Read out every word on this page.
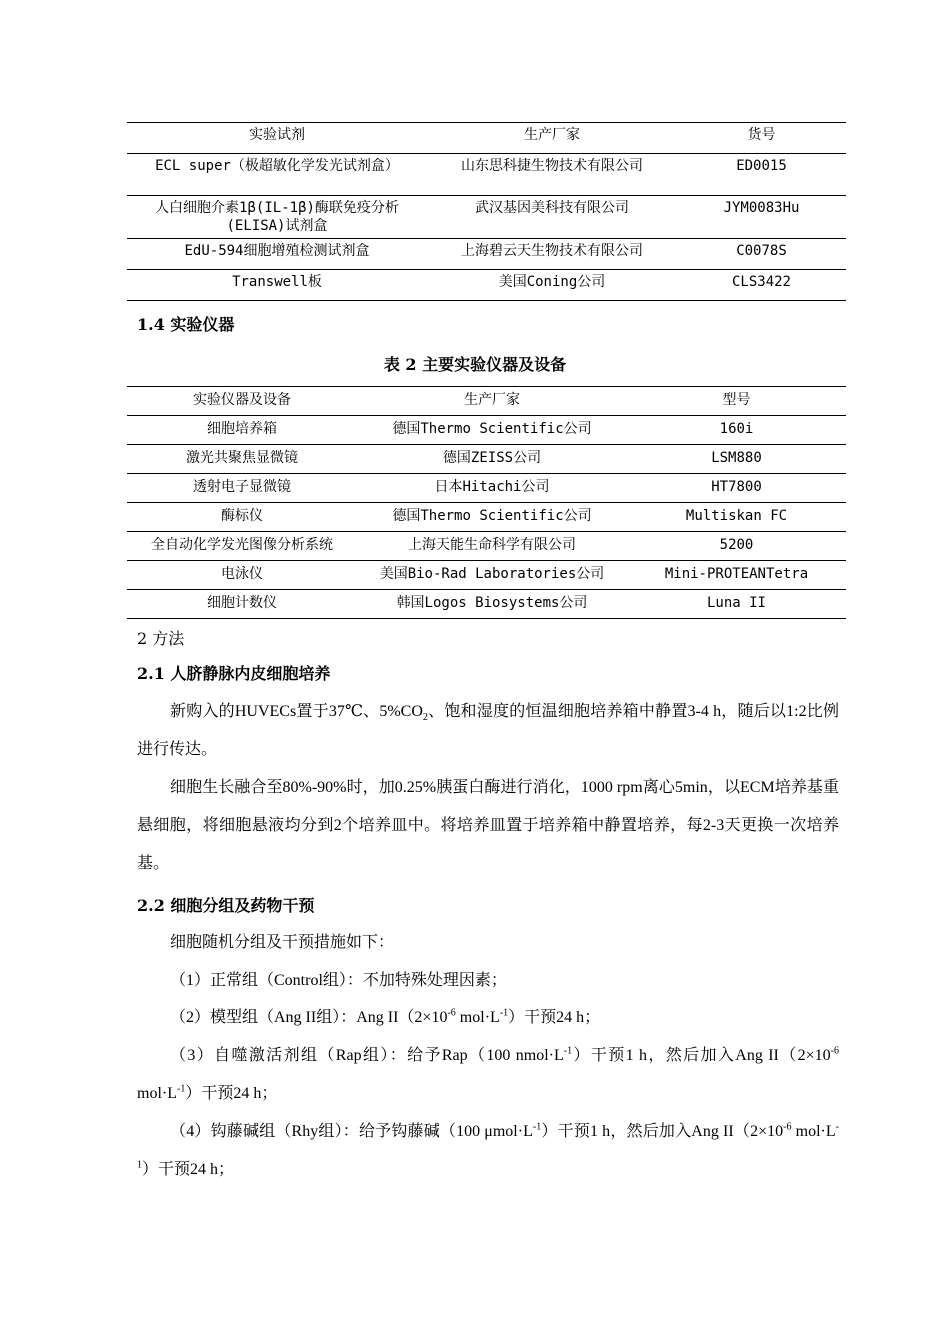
实验试剂	生产厂家	货号
ECL super（极超敏化学发光试剂盒）	山东思科捷生物技术有限公司	ED0015
人白细胞介素1β(IL-1β)酶联免疫分析(ELISA)试剂盒	武汉基因美科技有限公司	JYM0083Hu
EdU-594细胞增殖检测试剂盒	上海碧云天生物技术有限公司	C0078S
Transwell板	美国Coning公司	CLS3422
1.4 实验仪器
表 2 主要实验仪器及设备
实验仪器及设备	生产厂家	型号
细胞培养箱	德国Thermo Scientific公司	160i
激光共聚焦显微镜	德国ZEISS公司	LSM880
透射电子显微镜	日本Hitachi公司	HT7800
酶标仪	德国Thermo Scientific公司	Multiskan FC
全自动化学发光图像分析系统	上海天能生命科学有限公司	5200
电泳仪	美国Bio-Rad Laboratories公司	Mini-PROTEANTetra
细胞计数仪	韩国Logos Biosystems公司	Luna II
2 方法
2.1 人脐静脉内皮细胞培养
新购入的HUVECs置于37℃、$5\%CO_2$、饱和湿度的恒温细胞培养箱中静置3-4 h，随后以1:2比例进行传达。
细胞生长融合至80%-90%时，加0.25%胰蛋白酶进行消化，1000 rpm离心5min，以ECM培养基重悬细胞，将细胞悬液均分到2个培养皿中。将培养皿置于培养箱中静置培养，每2-3天更换一次培养基。
2.2 细胞分组及药物干预
细胞随机分组及干预措施如下：
（1）正常组（Control组）：不加特殊处理因素；
（2）模型组（Ang II组）：Ang $II(2\times 10^{-6}$ $mol\cdot L^{-1}$）干预24 h；
（3）自噬激活剂组（Rap组）：给予Rap（100 $nmol\cdot L^{-1}$）干预1 h，然后加入Ang $II(2\times 10^{-6}$ $mol\cdot L^{-1}$）干预24 h；
（4）钩藤碱组（Rhy组）：给予钩藤碱（100 $\mu mol\cdot L^{-1}$）干预1 h，然后加入Ang $II(2\times 10^{-6}$ $mol\cdot L^{-1}$）干预24 h；
